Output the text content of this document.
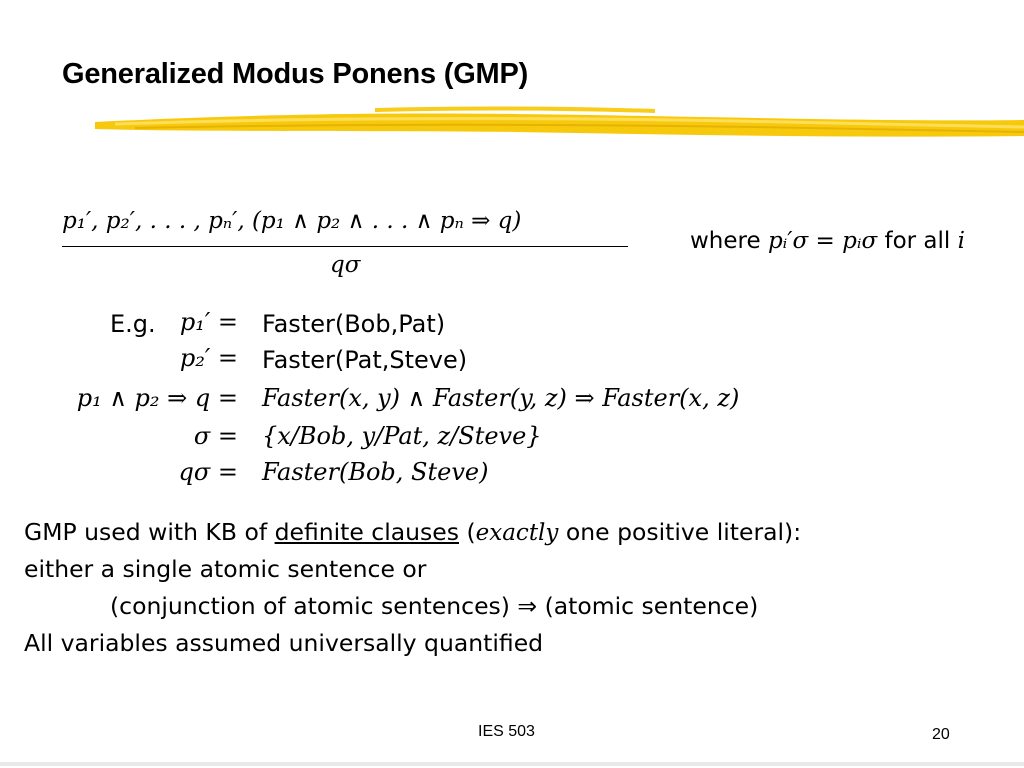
Generalized Modus Ponens (GMP)
p₁′, p₂′, . . . , pₙ′, (p₁ ∧ p₂ ∧ . . . ∧ pₙ ⇒ q)
qσ
where pᵢ′σ = pᵢσ for all i
E.g.	p₁′ = Faster(Bob,Pat)
p₂′ = Faster(Pat,Steve)
p₁ ∧ p₂ ⇒ q = Faster(x, y) ∧ Faster(y, z) ⇒ Faster(x, z)
σ = {x/Bob, y/Pat, z/Steve}
qσ = Faster(Bob, Steve)
GMP used with KB of definite clauses (exactly one positive literal):
either a single atomic sentence or
(conjunction of atomic sentences) ⇒ (atomic sentence)
All variables assumed universally quantified
IES 503	20
